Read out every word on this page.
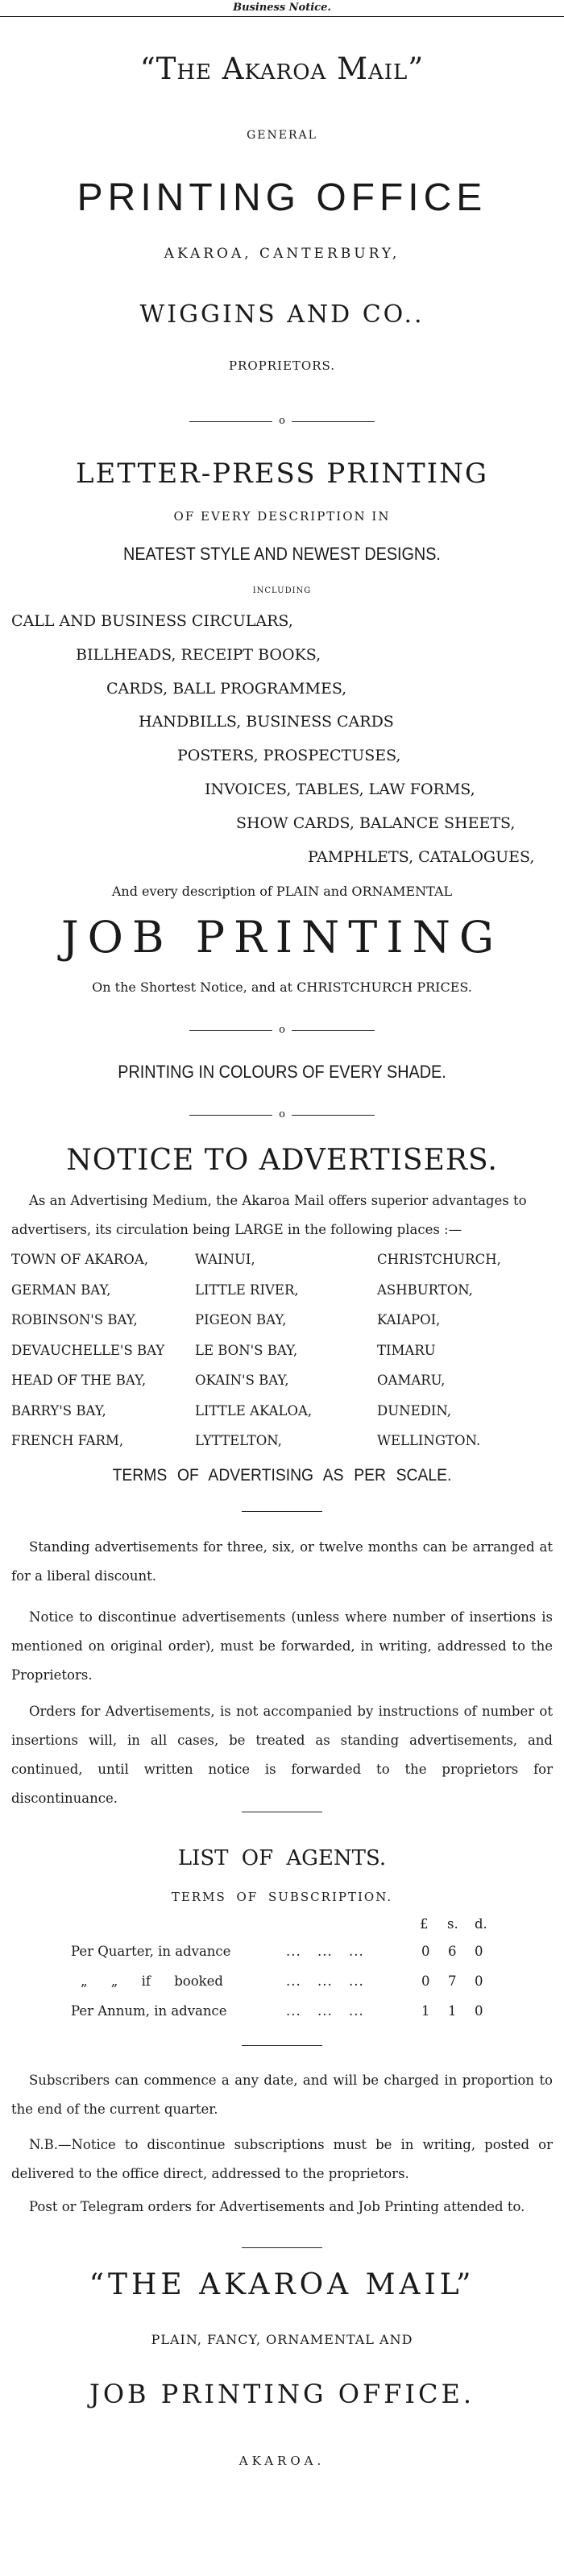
Business Notice.
“The Akaroa Mail”
GENERAL
PRINTING OFFICE
AKAROA, CANTERBURY,
WIGGINS AND CO..
PROPRIETORS.
o
LETTER-PRESS PRINTING
OF EVERY DESCRIPTION IN
NEATEST STYLE AND NEWEST DESIGNS.
INCLUDING
CALL AND BUSINESS CIRCULARS,
BILLHEADS, RECEIPT BOOKS,
CARDS, BALL PROGRAMMES,
HANDBILLS, BUSINESS CARDS
POSTERS, PROSPECTUSES,
INVOICES, TABLES, LAW FORMS,
SHOW CARDS, BALANCE SHEETS,
PAMPHLETS, CATALOGUES,
And every description of PLAIN and ORNAMENTAL
JOB PRINTING
On the Shortest Notice, and at CHRISTCHURCH PRICES.
o
PRINTING IN COLOURS OF EVERY SHADE.
o
NOTICE TO ADVERTISERS.
As an Advertising Medium, the Akaroa Mail offers superior advantages to
advertisers, its circulation being LARGE in the following places :—
TOWN OF AKAROA,	WAINUI,	CHRISTCHURCH,
GERMAN BAY,	LITTLE RIVER,	ASHBURTON,
ROBINSON'S BAY,	PIGEON BAY,	KAIAPOI,
DEVAUCHELLE'S BAY	LE BON'S BAY,	TIMARU
HEAD OF THE BAY,	OKAIN'S BAY,	OAMARU,
BARRY'S BAY,	LITTLE AKALOA,	DUNEDIN,
FRENCH FARM,	LYTTELTON,	WELLINGTON.
TERMS OF ADVERTISING AS PER SCALE.
Standing advertisements for three, six, or twelve months can be arranged at for a liberal discount.
Notice to discontinue advertisements (unless where number of insertions is mentioned on original order), must be forwarded, in writing, addressed to the Proprietors.
Orders for Advertisements, is not accompanied by instructions of number ot insertions will, in all cases, be treated as standing advertisements, and continued, until written notice is forwarded to the proprietors for discontinuance.
LIST OF AGENTS.
TERMS OF SUBSCRIPTION.
£ s. d.
Per Quarter, in advance	... ... ...	0 6 0
„ „ if booked	... ... ...	0 7 0
Per Annum, in advance	... ... ...	1 1 0
Subscribers can commence a any date, and will be charged in proportion to the end of the current quarter.
N.B.—Notice to discontinue subscriptions must be in writing, posted or delivered to the office direct, addressed to the proprietors.
Post or Telegram orders for Advertisements and Job Printing attended to.
“THE AKAROA MAIL”
PLAIN, FANCY, ORNAMENTAL AND
JOB PRINTING OFFICE.
AKAROA.
